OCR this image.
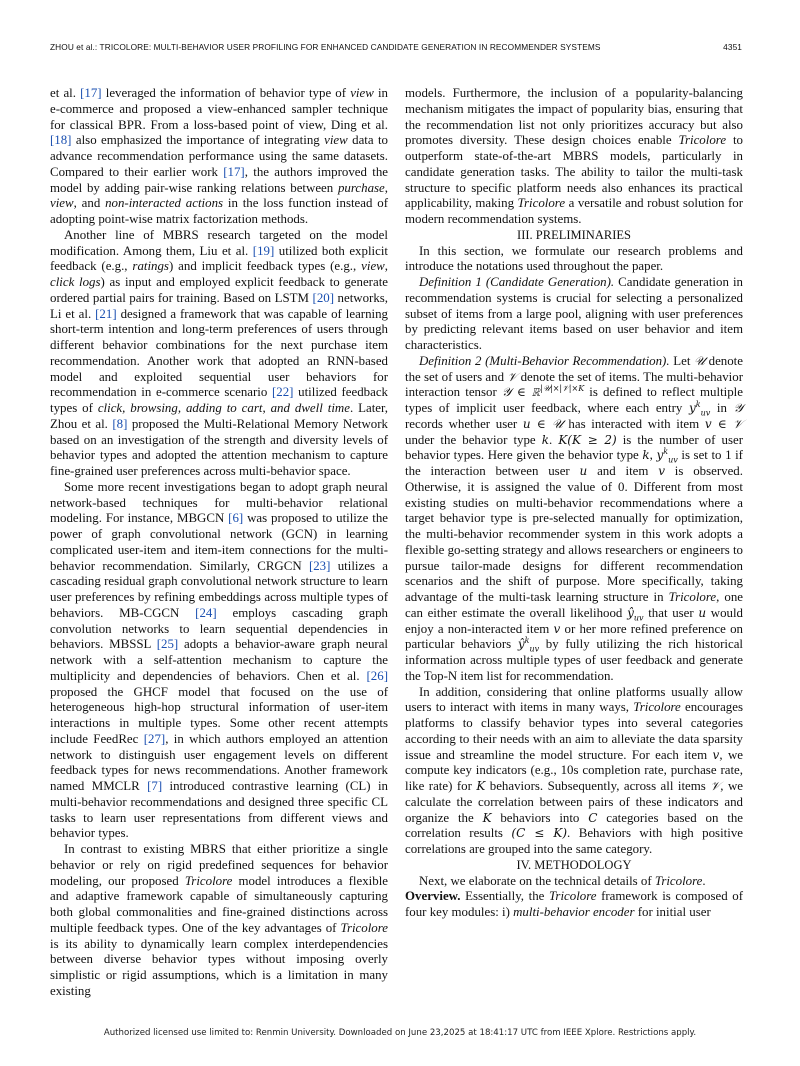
ZHOU et al.: TRICOLORE: MULTI-BEHAVIOR USER PROFILING FOR ENHANCED CANDIDATE GENERATION IN RECOMMENDER SYSTEMS	4351

et al. [17] leveraged the information of behavior type of view in e-commerce and proposed a view-enhanced sampler technique for classical BPR. From a loss-based point of view, Ding et al. [18] also emphasized the importance of integrating view data to advance recommendation performance using the same datasets. Compared to their earlier work [17], the authors improved the model by adding pair-wise ranking relations between purchase, view, and non-interacted actions in the loss function instead of adopting point-wise matrix factorization methods.

Another line of MBRS research targeted on the model modification. Among them, Liu et al. [19] utilized both explicit feedback (e.g., ratings) and implicit feedback types (e.g., view, click logs) as input and employed explicit feedback to generate ordered partial pairs for training. Based on LSTM [20] networks, Li et al. [21] designed a framework that was capable of learning short-term intention and long-term preferences of users through different behavior combinations for the next purchase item recommendation. Another work that adopted an RNN-based model and exploited sequential user behaviors for recommendation in e-commerce scenario [22] utilized feedback types of click, browsing, adding to cart, and dwell time. Later, Zhou et al. [8] proposed the Multi-Relational Memory Network based on an investigation of the strength and diversity levels of behavior types and adopted the attention mechanism to capture fine-grained user preferences across multi-behavior space.

Some more recent investigations began to adopt graph neural network-based techniques for multi-behavior relational modeling. For instance, MBGCN [6] was proposed to utilize the power of graph convolutional network (GCN) in learning complicated user-item and item-item connections for the multi-behavior recommendation. Similarly, CRGCN [23] utilizes a cascading residual graph convolutional network structure to learn user preferences by refining embeddings across multiple types of behaviors. MB-CGCN [24] employs cascading graph convolution networks to learn sequential dependencies in behaviors. MBSSL [25] adopts a behavior-aware graph neural network with a self-attention mechanism to capture the multiplicity and dependencies of behaviors. Chen et al. [26] proposed the GHCF model that focused on the use of heterogeneous high-hop structural information of user-item interactions in multiple types. Some other recent attempts include FeedRec [27], in which authors employed an attention network to distinguish user engagement levels on different feedback types for news recommendations. Another framework named MMCLR [7] introduced contrastive learning (CL) in multi-behavior recommendations and designed three specific CL tasks to learn user representations from different views and behavior types.

In contrast to existing MBRS that either prioritize a single behavior or rely on rigid predefined sequences for behavior modeling, our proposed Tricolore model introduces a flexible and adaptive framework capable of simultaneously capturing both global commonalities and fine-grained distinctions across multiple feedback types. One of the key advantages of Tricolore is its ability to dynamically learn complex interdependencies between diverse behavior types without imposing overly simplistic or rigid assumptions, which is a limitation in many existing

models. Furthermore, the inclusion of a popularity-balancing mechanism mitigates the impact of popularity bias, ensuring that the recommendation list not only prioritizes accuracy but also promotes diversity. These design choices enable Tricolore to outperform state-of-the-art MBRS models, particularly in candidate generation tasks. The ability to tailor the multi-task structure to specific platform needs also enhances its practical applicability, making Tricolore a versatile and robust solution for modern recommendation systems.

III. PRELIMINARIES

In this section, we formulate our research problems and introduce the notations used throughout the paper.

Definition 1 (Candidate Generation). Candidate generation in recommendation systems is crucial for selecting a personalized subset of items from a large pool, aligning with user preferences by predicting relevant items based on user behavior and item characteristics.

Definition 2 (Multi-Behavior Recommendation). Let 𝒰 denote the set of users and 𝒱 denote the set of items. The multi-behavior interaction tensor 𝒴 ∈ ℝ$^{|𝒰|\times|𝒱|\times K}$ is defined to reflect multiple types of implicit user feedback, where each entry $y^k_{uv}$ in 𝒴 records whether user u ∈ 𝒰 has interacted with item v ∈ 𝒱 under the behavior type k. K(K ≥ 2) is the number of user behavior types. Here given the behavior type k, $y^k_{uv}$ is set to 1 if the interaction between user u and item v is observed. Otherwise, it is assigned the value of 0. Different from most existing studies on multi-behavior recommendations where a target behavior type is pre-selected manually for optimization, the multi-behavior recommender system in this work adopts a flexible go-setting strategy and allows researchers or engineers to pursue tailor-made designs for different recommendation scenarios and the shift of purpose. More specifically, taking advantage of the multi-task learning structure in Tricolore, one can either estimate the overall likelihood $ŷ_{uv}$ that user u would enjoy a non-interacted item v or her more refined preference on particular behaviors $ŷ^k_{uv}$ by fully utilizing the rich historical information across multiple types of user feedback and generate the Top-N item list for recommendation.

In addition, considering that online platforms usually allow users to interact with items in many ways, Tricolore encourages platforms to classify behavior types into several categories according to their needs with an aim to alleviate the data sparsity issue and streamline the model structure. For each item v, we compute key indicators (e.g., 10s completion rate, purchase rate, like rate) for K behaviors. Subsequently, across all items 𝒱, we calculate the correlation between pairs of these indicators and organize the K behaviors into C categories based on the correlation results (C ≤ K). Behaviors with high positive correlations are grouped into the same category.

IV. METHODOLOGY

Next, we elaborate on the technical details of Tricolore.

Overview. Essentially, the Tricolore framework is composed of four key modules: i) multi-behavior encoder for initial user

Authorized licensed use limited to: Renmin University. Downloaded on June 23,2025 at 18:41:17 UTC from IEEE Xplore. Restrictions apply.
